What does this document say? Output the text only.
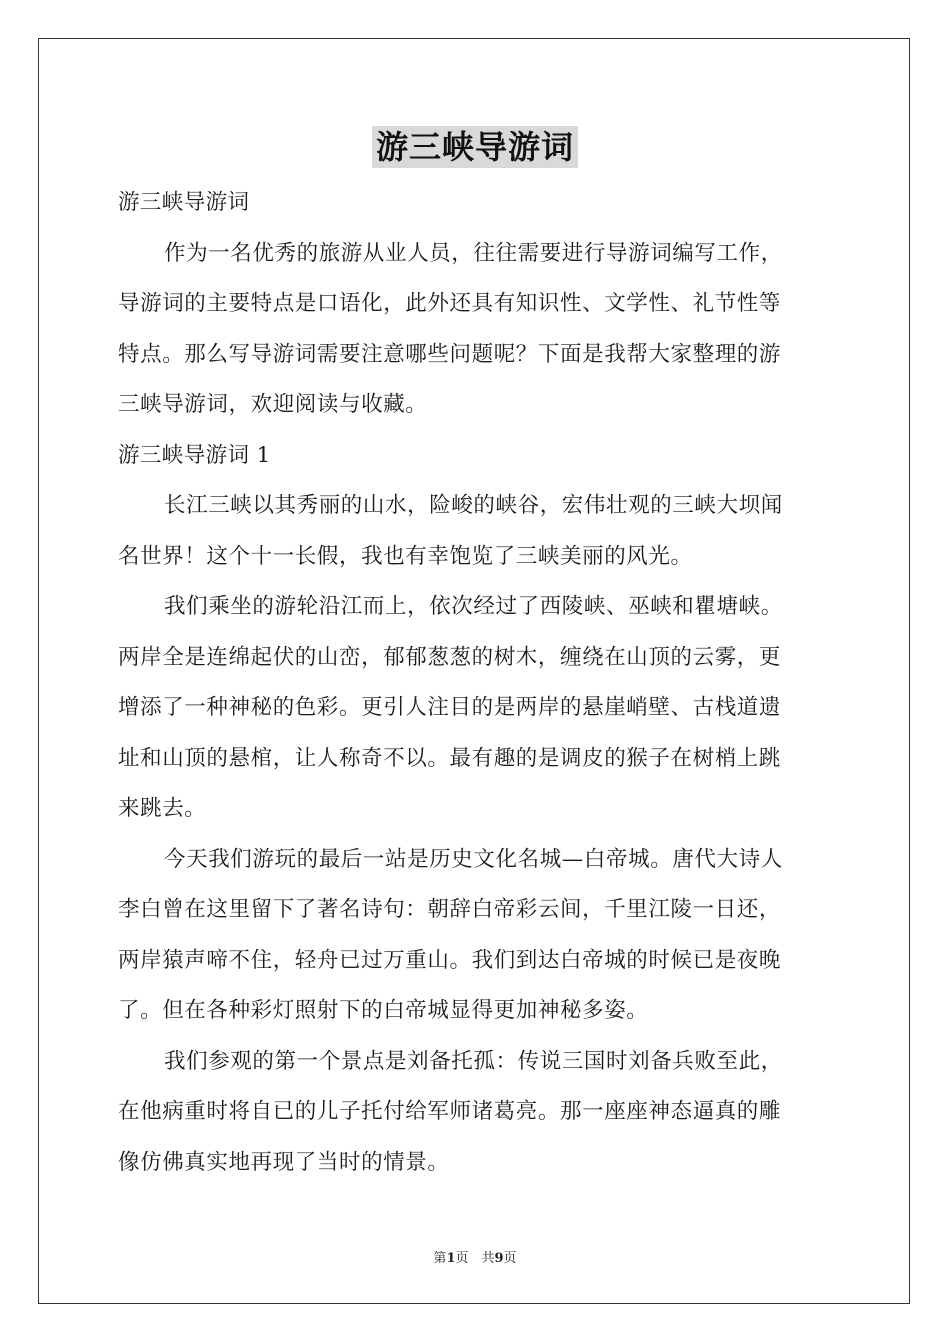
游三峡导游词
游三峡导游词
作为一名优秀的旅游从业人员，往往需要进行导游词编写工作，
导游词的主要特点是口语化，此外还具有知识性、文学性、礼节性等
特点。那么写导游词需要注意哪些问题呢？下面是我帮大家整理的游
三峡导游词，欢迎阅读与收藏。
游三峡导游词 1
长江三峡以其秀丽的山水，险峻的峡谷，宏伟壮观的三峡大坝闻
名世界！这个十一长假，我也有幸饱览了三峡美丽的风光。
我们乘坐的游轮沿江而上，依次经过了西陵峡、巫峡和瞿塘峡。
两岸全是连绵起伏的山峦，郁郁葱葱的树木，缠绕在山顶的云雾，更
增添了一种神秘的色彩。更引人注目的是两岸的悬崖峭壁、古栈道遗
址和山顶的悬棺，让人称奇不以。最有趣的是调皮的猴子在树梢上跳
来跳去。
今天我们游玩的最后一站是历史文化名城—白帝城。唐代大诗人
李白曾在这里留下了著名诗句：朝辞白帝彩云间，千里江陵一日还，
两岸猿声啼不住，轻舟已过万重山。我们到达白帝城的时候已是夜晚
了。但在各种彩灯照射下的白帝城显得更加神秘多姿。
我们参观的第一个景点是刘备托孤：传说三国时刘备兵败至此，
在他病重时将自已的儿子托付给军师诸葛亮。那一座座神态逼真的雕
像仿佛真实地再现了当时的情景。
第1页　共9页
